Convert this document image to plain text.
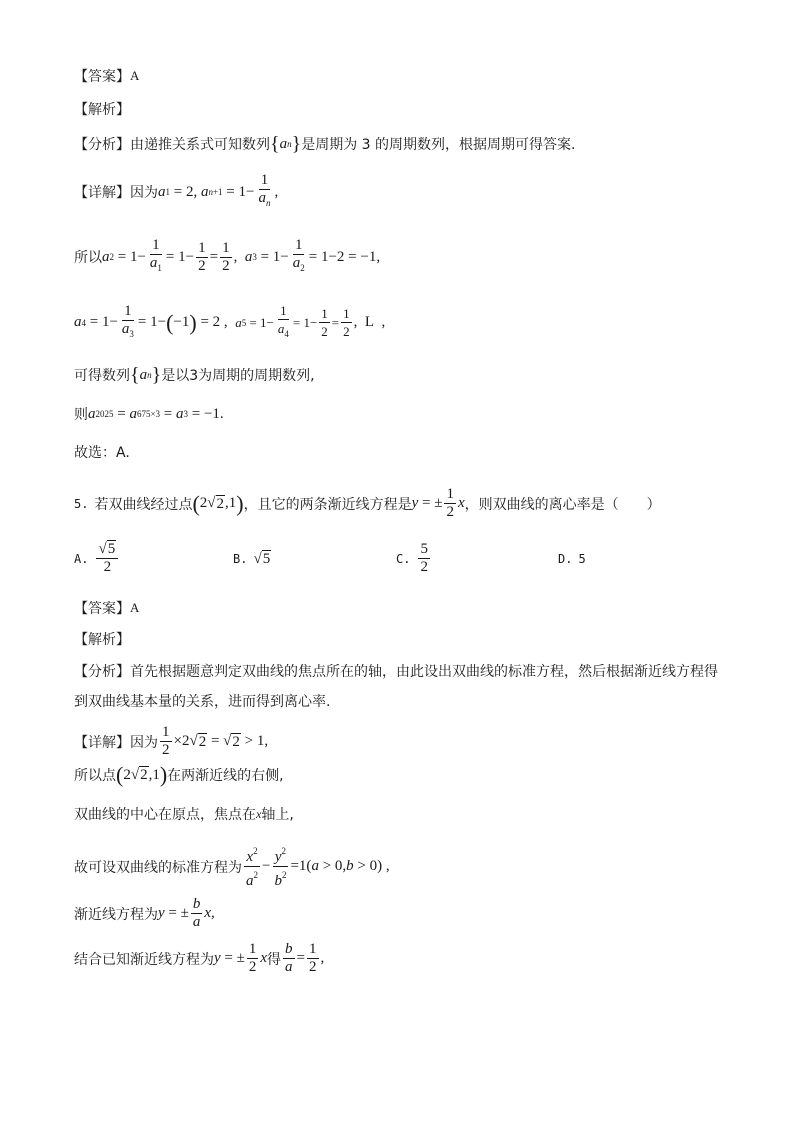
【答案】 A
【解析】
【分析】 由递推关系式可知数列 { a n } 是周期为 3 的周期数列，根据周期可得答案.
【详解】 因为 a 1 = 2, a $n +1 = 1- \frac{1}{a_n}$ ,
所以 a $2 = 1- \frac{1}{a_1} = 1- \frac{1}{2} = \frac{1}{2}$ , a $3 = 1- \frac{1}{a_2} = 1-2 = -1$,
a $4 = 1- \frac{1}{a_3} = 1-$ ( −1 ) = 2 , a $5 = 1- \frac{1}{a_4} = 1- \frac{1}{2} = \frac{1}{2}$ ,  L  ,
可得数列 { a n } 是以3为周期的周期数列,
则 a 2025 = a 675×3 = a 3 = −1.
故选：A.
5. 若双曲线经过点 ( 2 √ 2 ,1 ) ，且它的两条渐近线方程是 y = ± $\frac{1}{2}$ x ，则双曲线的离心率是（　　）
A. $\frac{√5}{2}$	B. √ 5	C. $\frac{5}{2}$	D. 5
【答案】 A
【解析】
【分析】 首先根据题意判定双曲线的焦点所在的轴，由此设出双曲线的标准方程，然后根据渐近线方程得
到双曲线基本量的关系，进而得到离心率.
【详解】 因为 $\frac{1}{2} \times 2$ √ 2 = √ 2 > 1,
所以点 ( 2 √ 2 ,1 ) 在两渐近线的右侧,
双曲线的中心在原点，焦点在 x 轴上,
故可设双曲线的标准方程为 $\frac{x^2}{a^2} - \frac{y^2}{b^2} =1$( a > 0, b > 0) ,
渐近线方程为 y = ± $\frac{b}{a}$ x ,
结合已知渐近线方程为 y = ± $\frac{1}{2}$ x 得 $\frac{b}{a} = \frac{1}{2}$ ,
